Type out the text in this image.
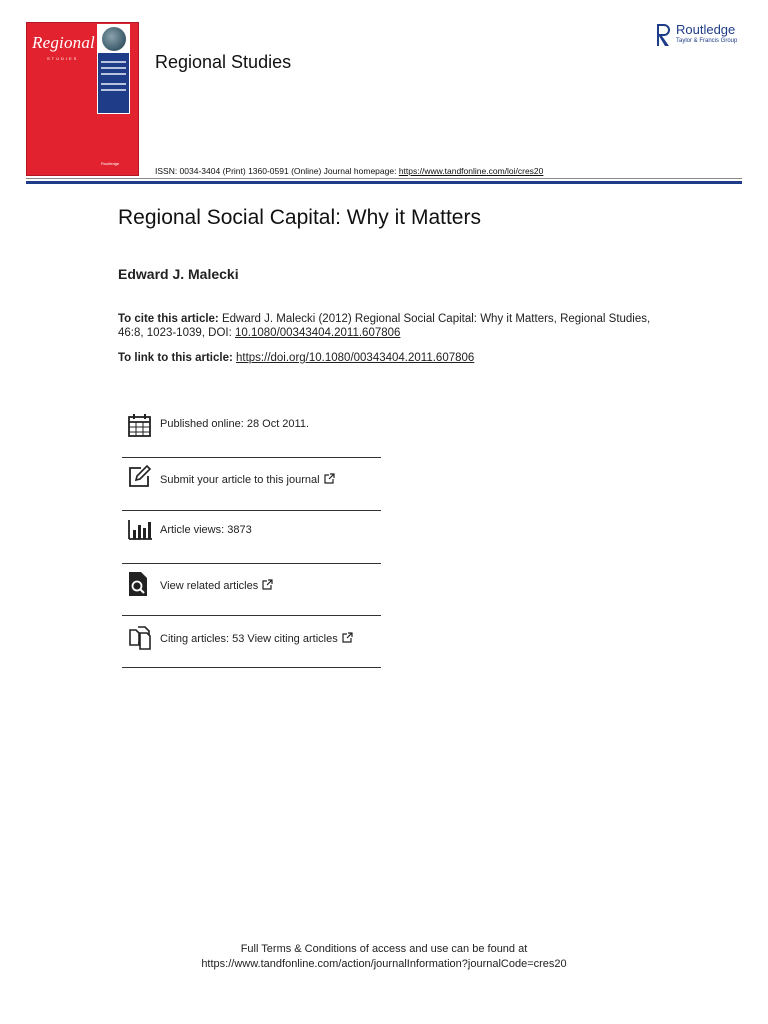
Regional
STUDIES
Routledge
Regional Studies
ISSN: 0034-3404 (Print) 1360-0591 (Online) Journal homepage: https://www.tandfonline.com/loi/cres20
Routledge
Taylor & Francis Group
Regional Social Capital: Why it Matters
Edward J. Malecki
To cite this article: Edward J. Malecki (2012) Regional Social Capital: Why it Matters, Regional Studies, 46:8, 1023-1039, DOI: 10.1080/00343404.2011.607806
To link to this article: https://doi.org/10.1080/00343404.2011.607806
Published online: 28 Oct 2011.
Submit your article to this journal
Article views: 3873
View related articles
Citing articles: 53 View citing articles
Full Terms & Conditions of access and use can be found at
https://www.tandfonline.com/action/journalInformation?journalCode=cres20
